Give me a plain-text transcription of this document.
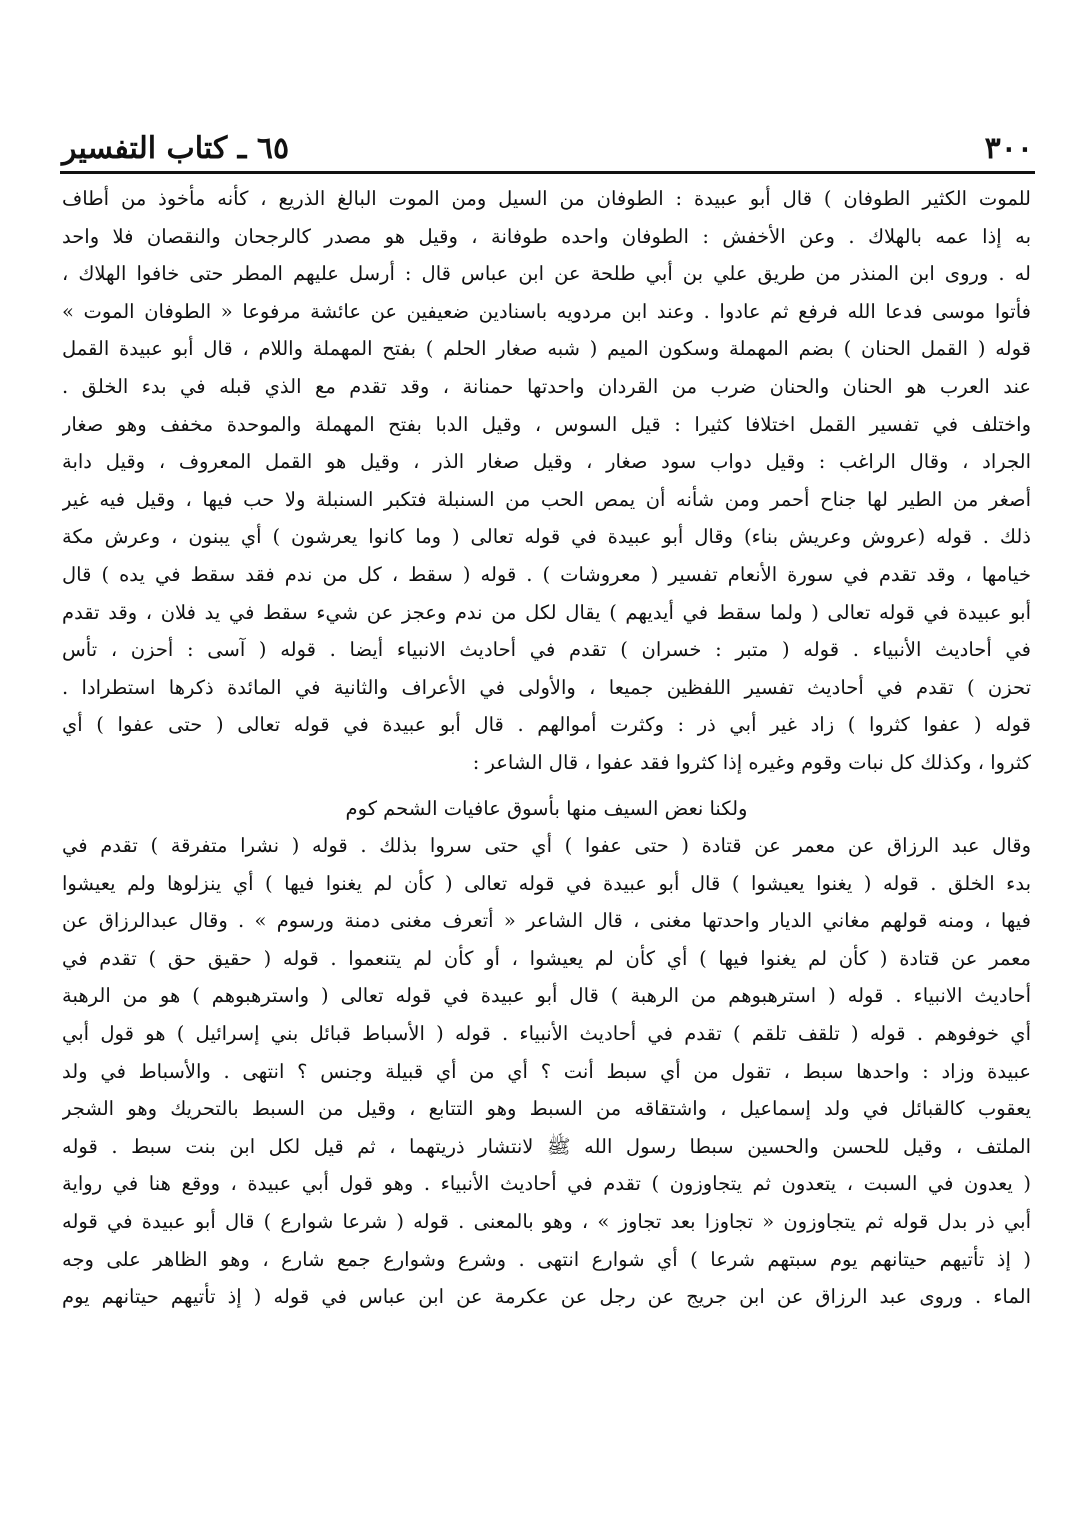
٣٠٠
٦٥ ـ كتاب التفسير
للموت الكثير الطوفان ) قال أبو عبيدة : الطوفان من السيل ومن الموت البالغ الذريع ، كأنه مأخوذ من أطاف
به إذا عمه بالهلاك . وعن الأخفش : الطوفان واحده طوفانة ، وقيل هو مصدر كالرجحان والنقصان فلا واحد
له . وروى ابن المنذر من طريق علي بن أبي طلحة عن ابن عباس قال : أرسل عليهم المطر حتى خافوا الهلاك ،
فأتوا موسى فدعا الله فرفع ثم عادوا . وعند ابن مردويه باسنادين ضعيفين عن عائشة مرفوعا « الطوفان الموت »
قوله ( القمل الحنان ) بضم المهملة وسكون الميم ( شبه صغار الحلم ) بفتح المهملة واللام ، قال أبو عبيدة القمل
عند العرب هو الحنان والحنان ضرب من القردان واحدتها حمنانة ، وقد تقدم مع الذي قبله في بدء الخلق .
واختلف في تفسير القمل اختلافا كثيرا : قيل السوس ، وقيل الدبا بفتح المهملة والموحدة مخفف وهو صغار
الجراد ، وقال الراغب : وقيل دواب سود صغار ، وقيل صغار الذر ، وقيل هو القمل المعروف ، وقيل دابة
أصغر من الطير لها جناح أحمر ومن شأنه أن يمص الحب من السنبلة فتكبر السنبلة ولا حب فيها ، وقيل فيه غير
ذلك . قوله (عروش وعريش بناء) وقال أبو عبيدة في قوله تعالى ( وما كانوا يعرشون ) أي يبنون ، وعرش مكة
خيامها ، وقد تقدم في سورة الأنعام تفسير ( معروشات ) . قوله ( سقط ، كل من ندم فقد سقط في يده ) قال
أبو عبيدة في قوله تعالى ( ولما سقط في أيديهم ) يقال لكل من ندم وعجز عن شيء سقط في يد فلان ، وقد تقدم
في أحاديث الأنبياء . قوله ( متبر : خسران ) تقدم في أحاديث الانبياء أيضا . قوله ( آسى : أحزن ، تأس
تحزن ) تقدم في أحاديث تفسير اللفظين جميعا ، والأولى في الأعراف والثانية في المائدة ذكرها استطرادا .
قوله ( عفوا كثروا ) زاد غير أبي ذر : وكثرت أموالهم . قال أبو عبيدة في قوله تعالى ( حتى عفوا ) أي
كثروا ، وكذلك كل نبات وقوم وغيره إذا كثروا فقد عفوا ، قال الشاعر :
ولكنا نعض السيف منها بأسوق عافيات الشحم كوم
وقال عبد الرزاق عن معمر عن قتادة ( حتى عفوا ) أي حتى سروا بذلك . قوله ( نشرا متفرقة ) تقدم في
بدء الخلق . قوله ( يغنوا يعيشوا ) قال أبو عبيدة في قوله تعالى ( كأن لم يغنوا فيها ) أي ينزلوها ولم يعيشوا
فيها ، ومنه قولهم مغاني الديار واحدتها مغنى ، قال الشاعر « أتعرف مغنى دمنة ورسوم » . وقال عبدالرزاق عن
معمر عن قتادة ( كأن لم يغنوا فيها ) أي كأن لم يعيشوا ، أو كأن لم يتنعموا . قوله ( حقيق حق ) تقدم في
أحاديث الانبياء . قوله ( استرهبوهم من الرهبة ) قال أبو عبيدة في قوله تعالى ( واسترهبوهم ) هو من الرهبة
أي خوفوهم . قوله ( تلقف تلقم ) تقدم في أحاديث الأنبياء . قوله ( الأسباط قبائل بني إسرائيل ) هو قول أبي
عبيدة وزاد : واحدها سبط ، تقول من أي سبط أنت ؟ أي من أي قبيلة وجنس ؟ انتهى . والأسباط في ولد
يعقوب كالقبائل في ولد إسماعيل ، واشتقاقه من السبط وهو التتابع ، وقيل من السبط بالتحريك وهو الشجر
الملتف ، وقيل للحسن والحسين سبطا رسول الله ﷺ لانتشار ذريتهما ، ثم قيل لكل ابن بنت سبط . قوله
( يعدون في السبت ، يتعدون ثم يتجاوزون ) تقدم في أحاديث الأنبياء . وهو قول أبي عبيدة ، ووقع هنا في رواية
أبي ذر بدل قوله ثم يتجاوزون « تجاوزا بعد تجاوز » ، وهو بالمعنى . قوله ( شرعا شوارع ) قال أبو عبيدة في قوله
( إذ تأتيهم حيتانهم يوم سبتهم شرعا ) أي شوارع انتهى . وشرع وشوارع جمع شارع ، وهو الظاهر على وجه
الماء . وروى عبد الرزاق عن ابن جريج عن رجل عن عكرمة عن ابن عباس في قوله ( إذ تأتيهم حيتانهم يوم
